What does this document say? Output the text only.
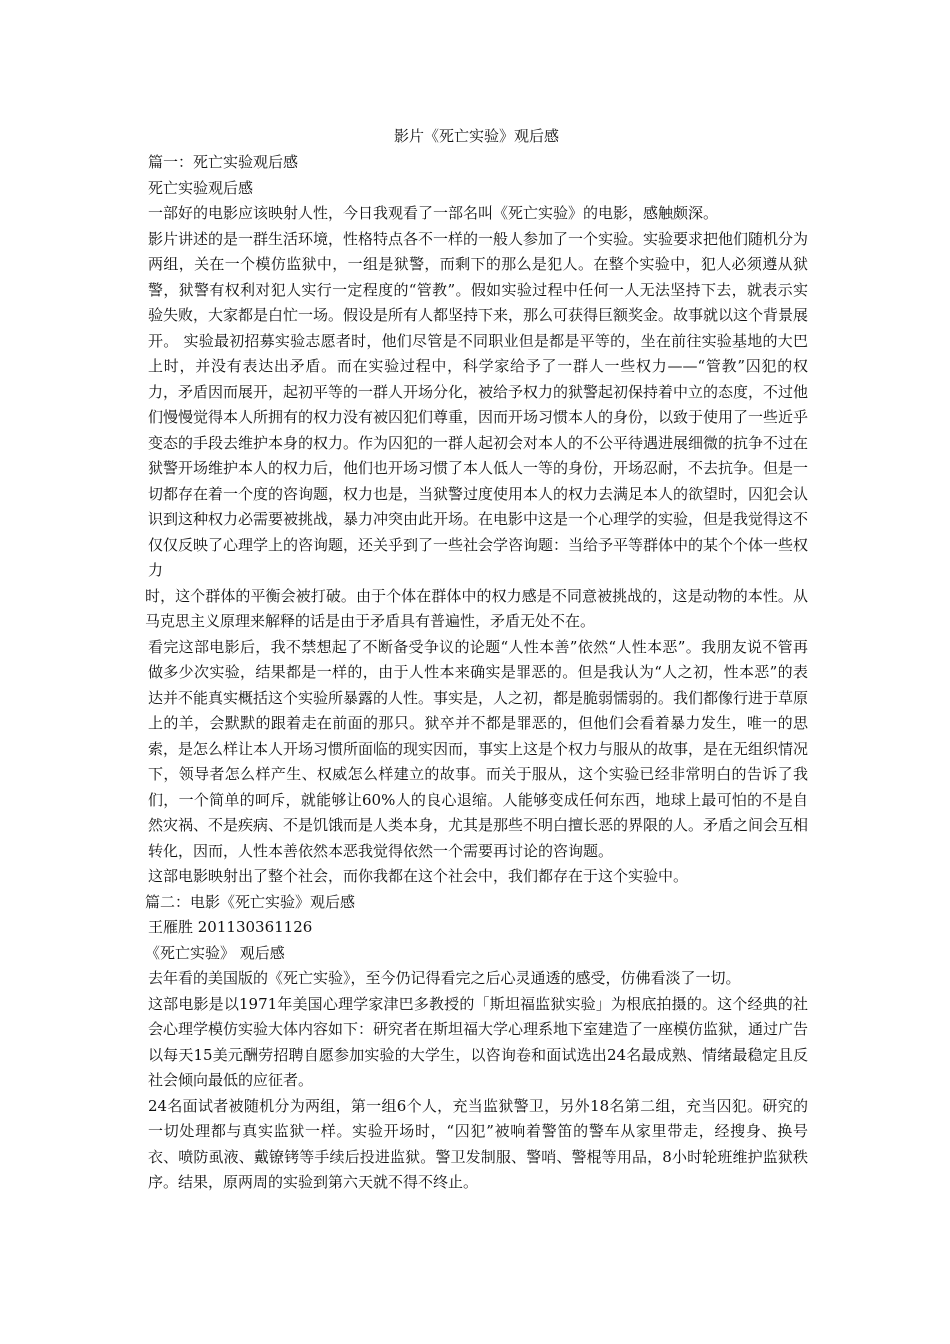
影片《死亡实验》观后感

篇一：死亡实验观后感

死亡实验观后感

一部好的电影应该映射人性，今日我观看了一部名叫《死亡实验》的电影，感触颇深。

影片讲述的是一群生活环境，性格特点各不一样的一般人参加了一个实验。实验要求把他们随机分为两组，关在一个模仿监狱中，一组是狱警，而剩下的那么是犯人。在整个实验中，犯人必须遵从狱警，狱警有权利对犯人实行一定程度的“管教”。假如实验过程中任何一人无法坚持下去，就表示实验失败，大家都是白忙一场。假设是所有人都坚持下来，那么可获得巨额奖金。故事就以这个背景展开。 实验最初招募实验志愿者时，他们尽管是不同职业但是都是平等的，坐在前往实验基地的大巴上时，并没有表达出矛盾。而在实验过程中，科学家给予了一群人一些权力——“管教”囚犯的权力，矛盾因而展开，起初平等的一群人开场分化，被给予权力的狱警起初保持着中立的态度，不过他们慢慢觉得本人所拥有的权力没有被囚犯们尊重，因而开场习惯本人的身份，以致于使用了一些近乎变态的手段去维护本身的权力。作为囚犯的一群人起初会对本人的不公平待遇进展细微的抗争不过在狱警开场维护本人的权力后，他们也开场习惯了本人低人一等的身份，开场忍耐，不去抗争。但是一切都存在着一个度的咨询题，权力也是，当狱警过度使用本人的权力去满足本人的欲望时，囚犯会认识到这种权力必需要被挑战，暴力冲突由此开场。在电影中这是一个心理学的实验，但是我觉得这不仅仅反映了心理学上的咨询题，还关乎到了一些社会学咨询题：当给予平等群体中的某个个体一些权力

时，这个群体的平衡会被打破。由于个体在群体中的权力感是不同意被挑战的，这是动物的本性。从马克思主义原理来解释的话是由于矛盾具有普遍性，矛盾无处不在。

看完这部电影后，我不禁想起了不断备受争议的论题“人性本善”依然“人性本恶”。我朋友说不管再做多少次实验，结果都是一样的，由于人性本来确实是罪恶的。但是我认为“人之初，性本恶”的表达并不能真实概括这个实验所暴露的人性。事实是，人之初，都是脆弱懦弱的。我们都像行进于草原上的羊，会默默的跟着走在前面的那只。狱卒并不都是罪恶的，但他们会看着暴力发生，唯一的思索，是怎么样让本人开场习惯所面临的现实因而，事实上这是个权力与服从的故事，是在无组织情况下，领导者怎么样产生、权威怎么样建立的故事。而关于服从，这个实验已经非常明白的告诉了我们，一个简单的呵斥，就能够让60%人的良心退缩。人能够变成任何东西，地球上最可怕的不是自然灾祸、不是疾病、不是饥饿而是人类本身，尤其是那些不明白擅长恶的界限的人。矛盾之间会互相转化，因而，人性本善依然本恶我觉得依然一个需要再讨论的咨询题。

这部电影映射出了整个社会，而你我都在这个社会中，我们都存在于这个实验中。

篇二：电影《死亡实验》观后感

王雁胜 201130361126

《死亡实验》 观后感

去年看的美国版的《死亡实验》，至今仍记得看完之后心灵通透的感受，仿佛看淡了一切。

这部电影是以1971年美国心理学家津巴多教授的「斯坦福监狱实验」为根底拍摄的。这个经典的社会心理学模仿实验大体内容如下：研究者在斯坦福大学心理系地下室建造了一座模仿监狱，通过广告以每天15美元酬劳招聘自愿参加实验的大学生，以咨询卷和面试选出24名最成熟、情绪最稳定且反社会倾向最低的应征者。

24名面试者被随机分为两组，第一组6个人，充当监狱警卫，另外18名第二组，充当囚犯。研究的一切处理都与真实监狱一样。实验开场时，“囚犯”被响着警笛的警车从家里带走，经搜身、换号衣、喷防虱液、戴镣铐等手续后投进监狱。警卫发制服、警哨、警棍等用品，8小时轮班维护监狱秩序。结果，原两周的实验到第六天就不得不终止。
